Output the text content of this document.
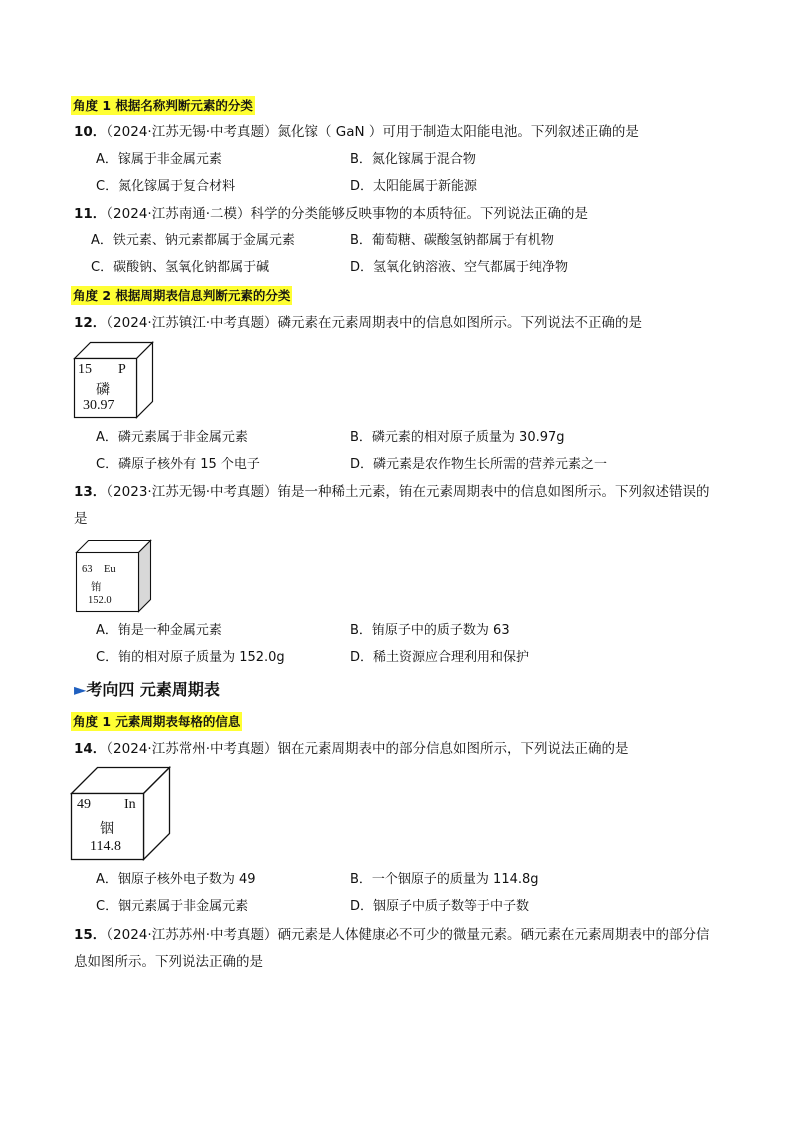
角度 1 根据名称判断元素的分类
10．（2024·江苏无锡·中考真题）氮化镓（ GaN ）可用于制造太阳能电池。下列叙述正确的是
A．镓属于非金属元素	B．氮化镓属于混合物
C．氮化镓属于复合材料	D．太阳能属于新能源
11．（2024·江苏南通·二模）科学的分类能够反映事物的本质特征。下列说法正确的是
A．铁元素、钠元素都属于金属元素	B．葡萄糖、碳酸氢钠都属于有机物
C．碳酸钠、氢氧化钠都属于碱	D．氢氧化钠溶液、空气都属于纯净物
角度 2 根据周期表信息判断元素的分类
12．（2024·江苏镇江·中考真题）磷元素在元素周期表中的信息如图所示。下列说法不正确的是
15 P
磷
30.97
A．磷元素属于非金属元素	B．磷元素的相对原子质量为 30.97g
C．磷原子核外有 15 个电子	D．磷元素是农作物生长所需的营养元素之一
13．（2023·江苏无锡·中考真题）铕是一种稀土元素，铕在元素周期表中的信息如图所示。下列叙述错误的
是
63 Eu
铕
152.0
A．铕是一种金属元素	B．铕原子中的质子数为 63
C．铕的相对原子质量为 152.0g	D．稀土资源应合理利用和保护
►考向四 元素周期表
角度 1 元素周期表每格的信息
14．（2024·江苏常州·中考真题）铟在元素周期表中的部分信息如图所示，下列说法正确的是
49 In
铟
114.8
A．铟原子核外电子数为 49	B．一个铟原子的质量为 114.8g
C．铟元素属于非金属元素	D．铟原子中质子数等于中子数
15．（2024·江苏苏州·中考真题）硒元素是人体健康必不可少的微量元素。硒元素在元素周期表中的部分信
息如图所示。下列说法正确的是
